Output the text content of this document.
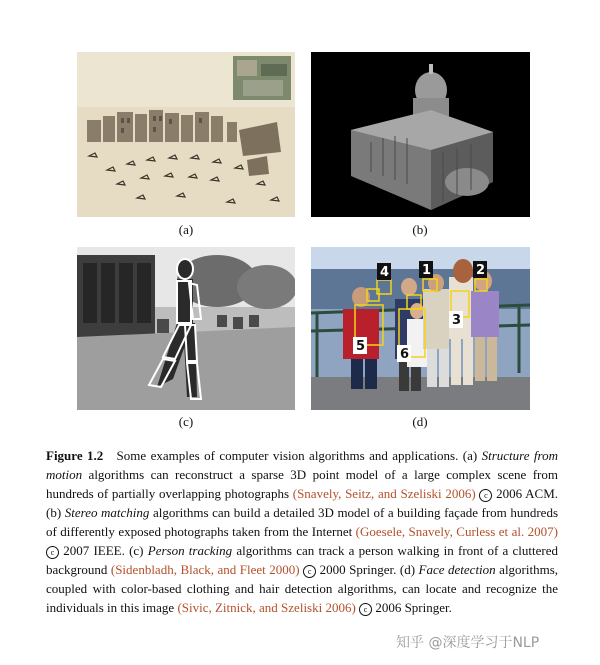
(a)	(b)
(c)
1	2
3
4
5
6
(d)
Figure 1.2 Some examples of computer vision algorithms and applications. (a) Structure from motion algorithms can reconstruct a sparse 3D point model of a large complex scene from hundreds of partially overlapping photographs (Snavely, Seitz, and Szeliski 2006) c 2006 ACM. (b) Stereo matching algorithms can build a detailed 3D model of a building façade from hundreds of differently exposed photographs taken from the Internet (Goesele, Snavely, Curless et al. 2007) c 2007 IEEE. (c) Person tracking algorithms can track a person walking in front of a cluttered background (Sidenbladh, Black, and Fleet 2000) c 2000 Springer. (d) Face detection algorithms, coupled with color-based clothing and hair detection algorithms, can locate and recognize the individuals in this image (Sivic, Zitnick, and Szeliski 2006) c 2006 Springer.
知乎 @深度学习于NLP
